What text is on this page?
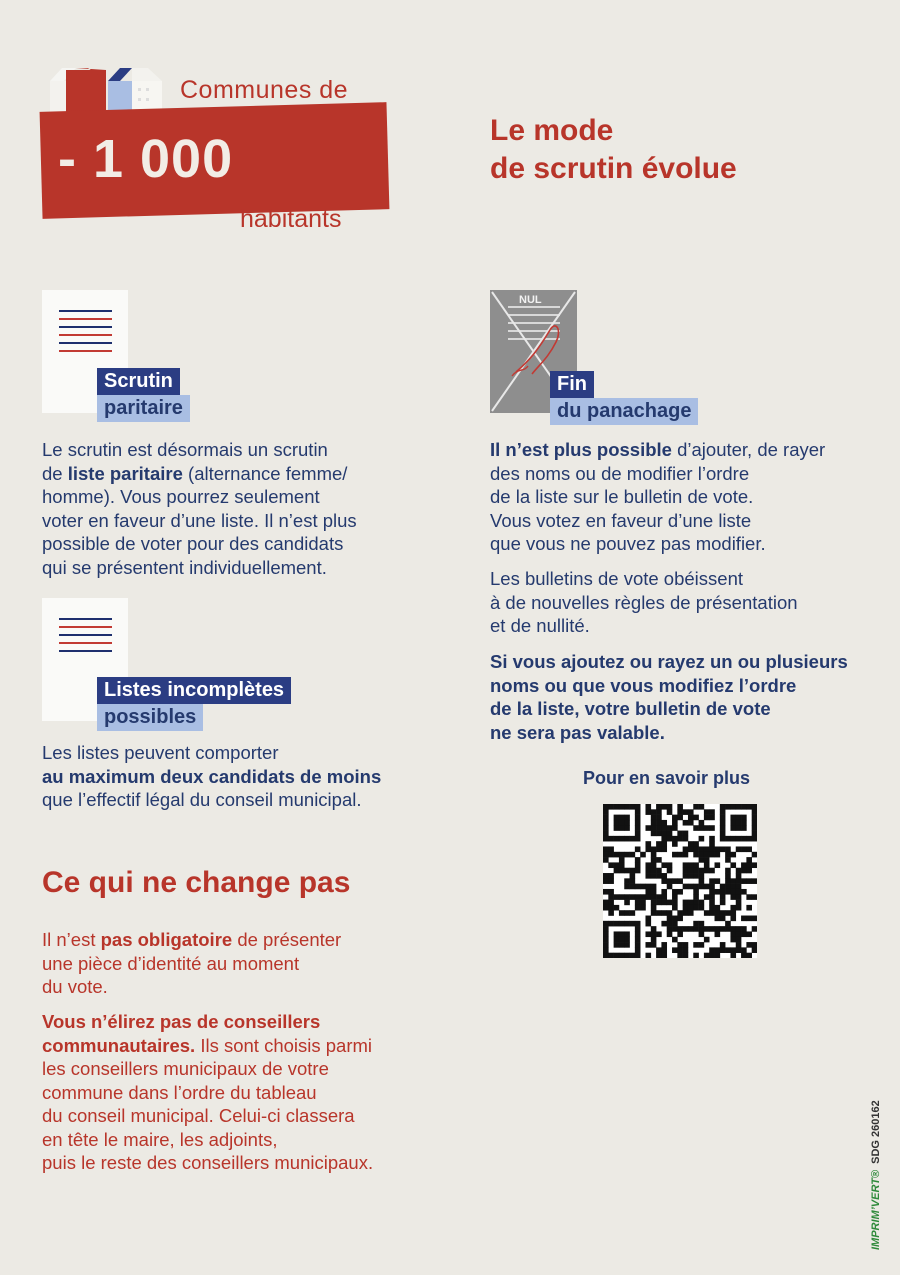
Communes de
- 1 000
habitants
Le mode
de scrutin évolue
Scrutin
paritaire

Le scrutin est désormais un scrutin

de liste paritaire (alternance femme/

homme). Vous pourrez seulement

voter en faveur d’une liste. Il n’est plus

possible de voter pour des candidats

qui se présentent individuellement.

Listes incomplètes
possibles

Les listes peuvent comporter

au maximum deux candidats de moins

que l’effectif légal du conseil municipal.

Ce qui ne change pas

Il n’est pas obligatoire de présenter

une pièce d’identité au moment

du vote.

Vous n’élirez pas de conseillers

communautaires. Ils sont choisis parmi

les conseillers municipaux de votre

commune dans l’ordre du tableau

du conseil municipal. Celui-ci classera

en tête le maire, les adjoints,

puis le reste des conseillers municipaux.

NUL
Fin
du panachage

Il n’est plus possible d’ajouter, de rayer

des noms ou de modifier l’ordre

de la liste sur le bulletin de vote.

Vous votez en faveur d’une liste

que vous ne pouvez pas modifier.

Les bulletins de vote obéissent

à de nouvelles règles de présentation

et de nullité.

Si vous ajoutez ou rayez un ou plusieurs

noms ou que vous modifiez l’ordre

de la liste, votre bulletin de vote

ne sera pas valable.

Pour en savoir plus
IMPRIM’VERT®  SDG 260162
